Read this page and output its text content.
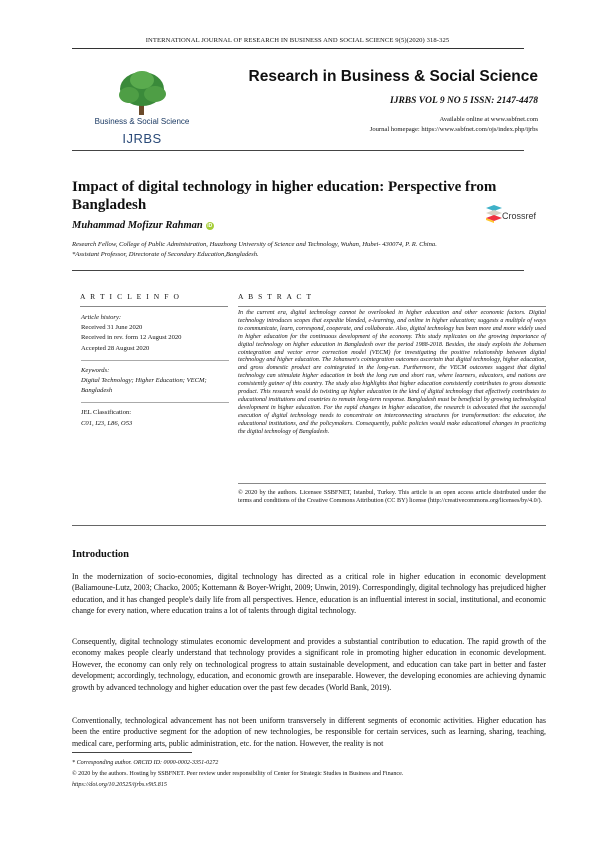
INTERNATIONAL JOURNAL OF RESEARCH IN BUSINESS AND SOCIAL SCIENCE 9(5)(2020) 318-325
Business & Social Science
IJRBS
Research in Business & Social Science
IJRBS VOL 9 NO 5 ISSN: 2147-4478
Available online at www.ssbfnet.com
Journal homepage: https://www.ssbfnet.com/ojs/index.php/ijrbs
Impact of digital technology in higher education: Perspective from Bangladesh
Crossref
Muhammad Mofizur Rahman iD
Research Fellow, College of Public Administration, Huazhong University of Science and Technology, Wuhan, Hubei- 430074, P. R. China.
*Assistant Professor, Directorate of Secondary Education,Bangladesh.
A R T I C L E I N F O	A B S T R A C T
Article history:
Received 31 June 2020
Received in rev. form 12 August 2020
Accepted 28 August 2020
Keywords:
Digital Technology; Higher Education; VECM; Bangladesh
JEL Classification:
C01, I23, L86, O53
In the current era, digital technology cannot be overlooked in higher education and other economic factors. Digital technology introduces scopes that expedite blended, e-learning, and online in higher education; suggests a multiple of ways to communicate, learn, correspond, cooperate, and collaborate. Also, digital technology has been more and more widely used in higher education for the continuous development of the economy. This study replicates on the growing importance of digital technology on higher education in Bangladesh over the period 1988-2018. Besides, the study exploits the Johansen cointegration and vector error correction model (VECM) for investigating the positive relationship between digital technology and higher education. The Johansen's cointegration outcomes ascertain that digital technology, higher education, and gross domestic product are cointegrated in the long-run. Furthermore, the VECM outcomes suggest that digital technology can stimulate higher education in both the long run and short run, where learners, educators, and nations are consistently gainer of this country. The study also highlights that higher education consistently contributes to gross domestic product. This research would do twisting up higher education in the kind of digital technology that effectively contributes to educational institutions and countries to remain long-term response. Bangladesh must be beneficial by growing technological development in higher education. For the rapid changes in higher education, the research is advocated that the successful execution of digital technology needs to concentrate on interconnecting structures for transformation: the educator, the educational institutions, and the policymakers. Consequently, public policies would make educational changes in practicing the digital technology of Bangladesh.
© 2020 by the authors. Licensee SSBFNET, Istanbul, Turkey. This article is an open access article distributed under the terms and conditions of the Creative Commons Attribution (CC BY) license (http://creativecommons.org/licenses/by/4.0/).
Introduction
In the modernization of socio-economies, digital technology has directed as a critical role in higher education in economic development (Baliamoune-Lutz, 2003; Chacko, 2005; Kottemann & Boyer-Wright, 2009; Unwin, 2019). Correspondingly, digital technology has prejudiced higher education, and it has changed people's daily life from all perspectives. Hence, education is an influential interest in social, institutional, and economic change for every nation, where education trains a lot of talents through digital technology.
Consequently, digital technology stimulates economic development and provides a substantial contribution to education. The rapid growth of the economy makes people clearly understand that technology provides a significant role in promoting higher education in economic development. However, the economy can only rely on technological progress to attain sustainable development, and education can take part in better and faster development; accordingly, technology, education, and economic growth are inseparable. However, the developing economies are achieving dynamic growth by advanced technology and higher education over the past few decades (World Bank, 2019).
Conventionally, technological advancement has not been uniform transversely in different segments of economic activities. Higher education has been the entire productive segment for the adoption of new technologies, be responsible for certain services, such as learning, sharing, teaching, medical care, performing arts, public administration, etc. for the nation. However, the reality is not
* Corresponding author. ORCID ID: 0000-0002-3351-0272
© 2020 by the authors. Hosting by SSBFNET. Peer review under responsibility of Center for Strategic Studies in Business and Finance.
https://doi.org/10.20525/ijrbs.v9i5.815
